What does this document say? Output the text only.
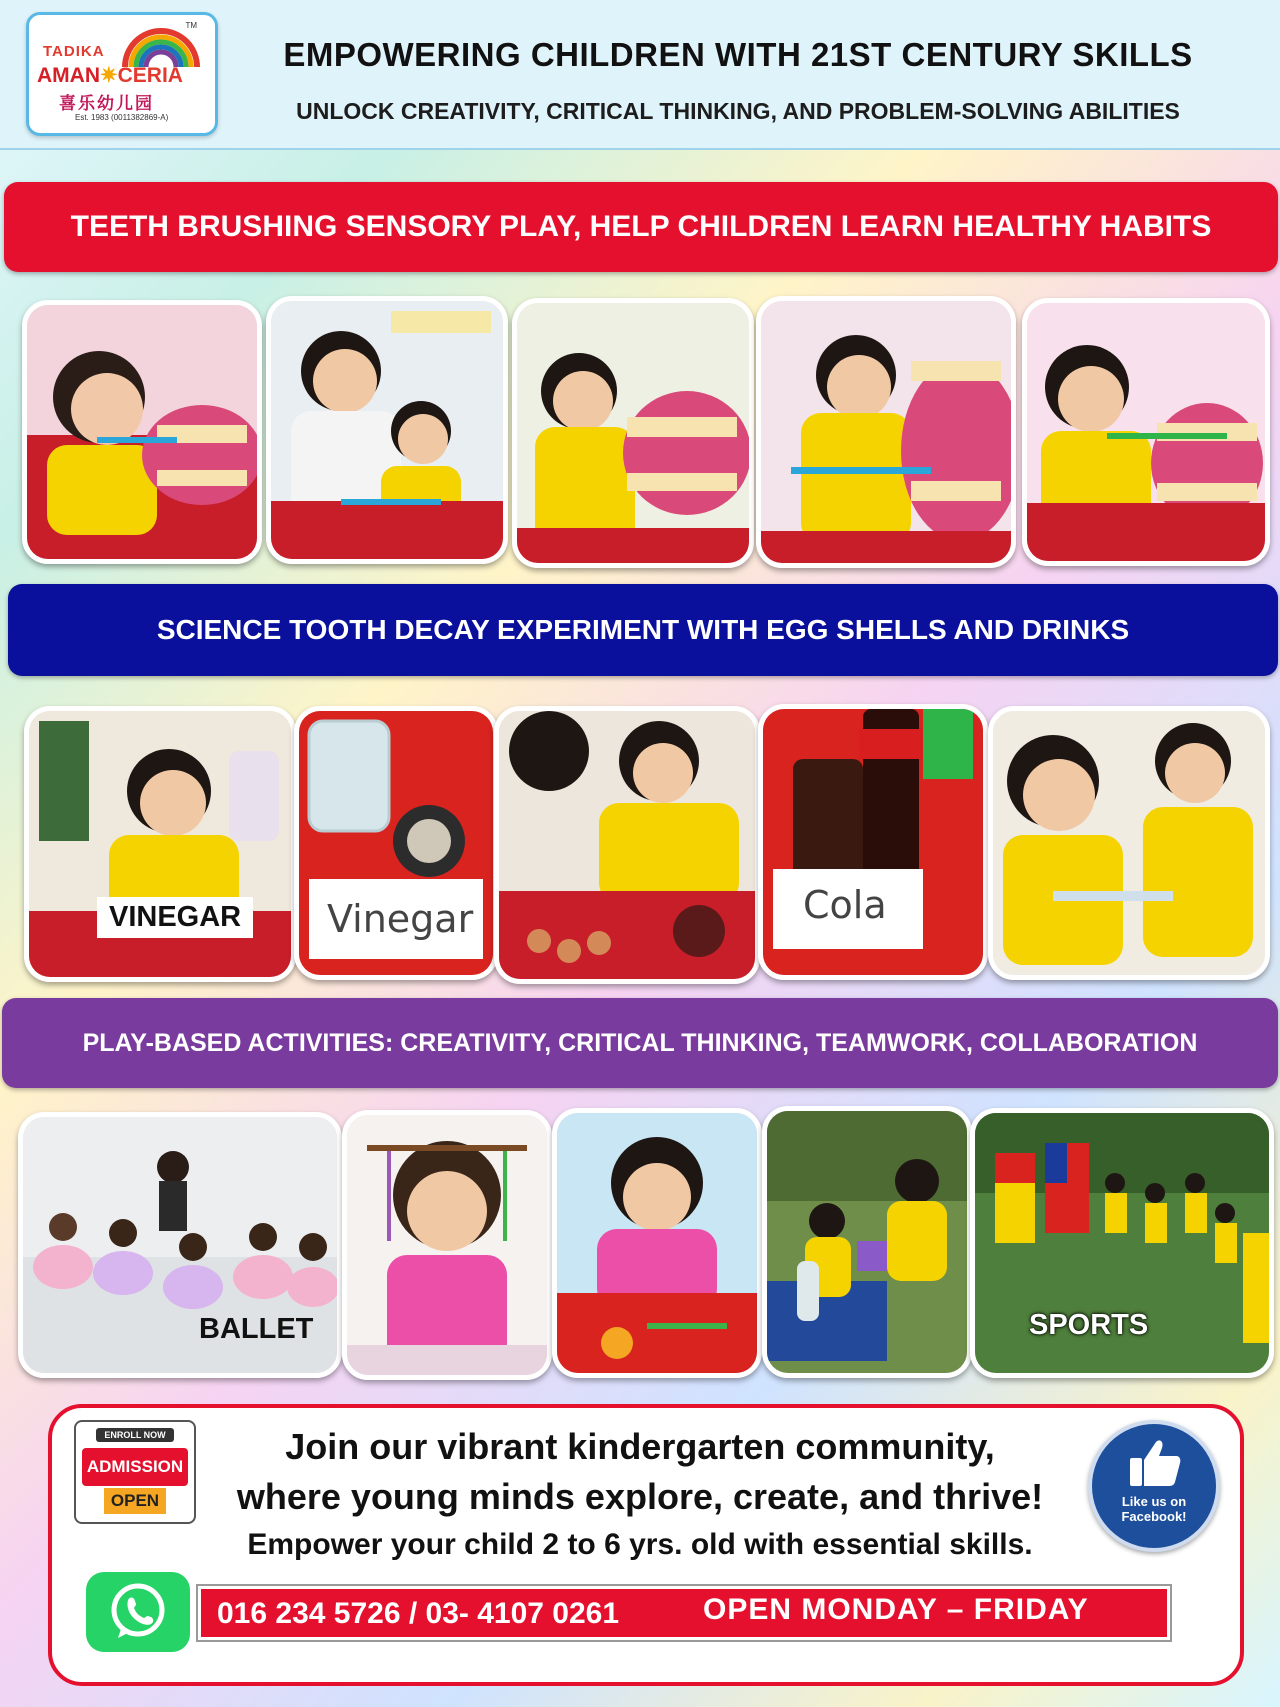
TM
TADIKA
AMAN✷CERIA
喜乐幼儿园
Est. 1983 (0011382869-A)
EMPOWERING CHILDREN WITH 21ST CENTURY SKILLS
UNLOCK CREATIVITY, CRITICAL THINKING, AND PROBLEM-SOLVING ABILITIES
TEETH BRUSHING SENSORY PLAY, HELP CHILDREN LEARN HEALTHY HABITS
SCIENCE TOOTH DECAY EXPERIMENT WITH EGG SHELLS AND DRINKS
VINEGAR	Vinegar	Cola
PLAY-BASED ACTIVITIES: CREATIVITY, CRITICAL THINKING, TEAMWORK, COLLABORATION
BALLET	SPORTS
ENROLL NOW
ADMISSION
OPEN
Join our vibrant kindergarten community,
where young minds explore, create, and thrive!
Empower your child 2 to 6 yrs. old with essential skills.
Like us on Facebook!
016 234 5726 / 03- 4107 0261	OPEN MONDAY – FRIDAY
